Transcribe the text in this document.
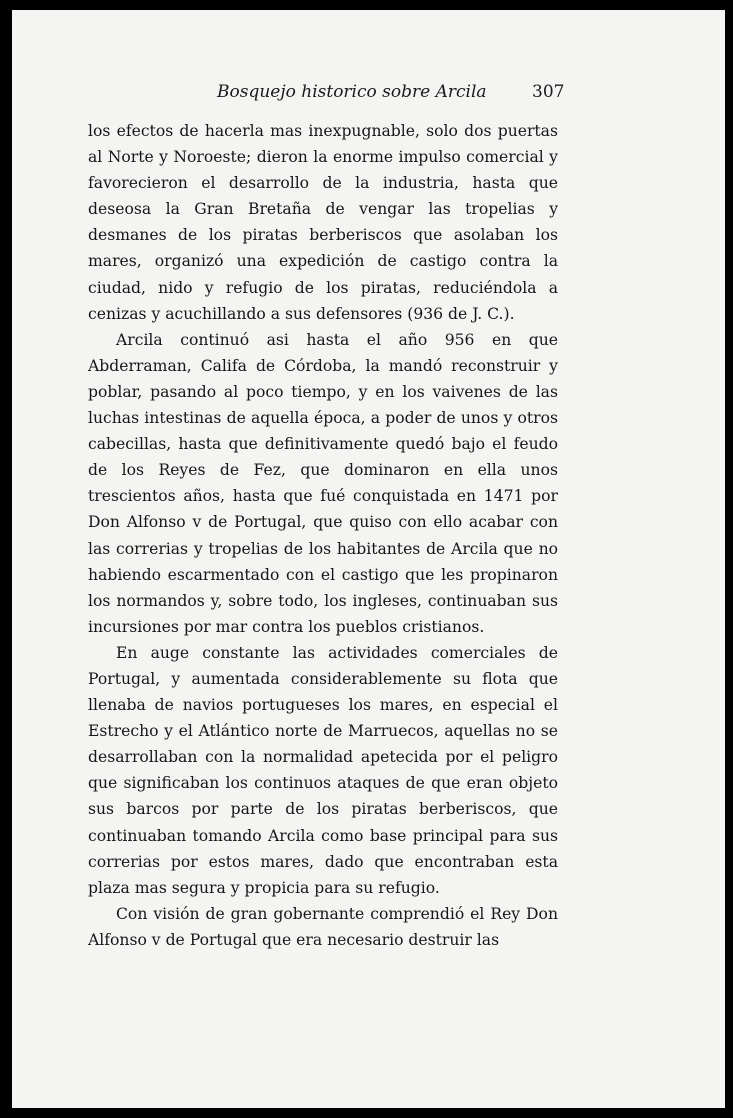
Bosquejo historico sobre Arcila	307

los efectos de hacerla mas inexpugnable, solo dos puertas al Norte y Noroeste; dieron la enorme impulso comercial y favorecieron el desarrollo de la industria, hasta que deseosa la Gran Bretaña de vengar las tropelias y desmanes de los piratas berberiscos que asolaban los mares, organizó una expedición de castigo contra la ciudad, nido y refugio de los piratas, reduciéndola a cenizas y acuchillando a sus defensores (936 de J. C.).

Arcila continuó asi hasta el año 956 en que Abderraman, Califa de Córdoba, la mandó reconstruir y poblar, pasando al poco tiempo, y en los vaivenes de las luchas intestinas de aquella época, a poder de unos y otros cabecillas, hasta que definitivamente quedó bajo el feudo de los Reyes de Fez, que dominaron en ella unos trescientos años, hasta que fué conquistada en 1471 por Don Alfonso v de Portugal, que quiso con ello acabar con las correrias y tropelias de los habitantes de Arcila que no habiendo escarmentado con el castigo que les propinaron los normandos y, sobre todo, los ingleses, continuaban sus incursiones por mar contra los pueblos cristianos.

En auge constante las actividades comerciales de Portugal, y aumentada considerablemente su flota que llenaba de navios portugueses los mares, en especial el Estrecho y el Atlántico norte de Marruecos, aquellas no se desarrollaban con la normalidad apetecida por el peligro que significaban los continuos ataques de que eran objeto sus barcos por parte de los piratas berberiscos, que continuaban tomando Arcila como base principal para sus correrias por estos mares, dado que encontraban esta plaza mas segura y propicia para su refugio.

Con visión de gran gobernante comprendió el Rey Don Alfonso v de Portugal que era necesario destruir las
